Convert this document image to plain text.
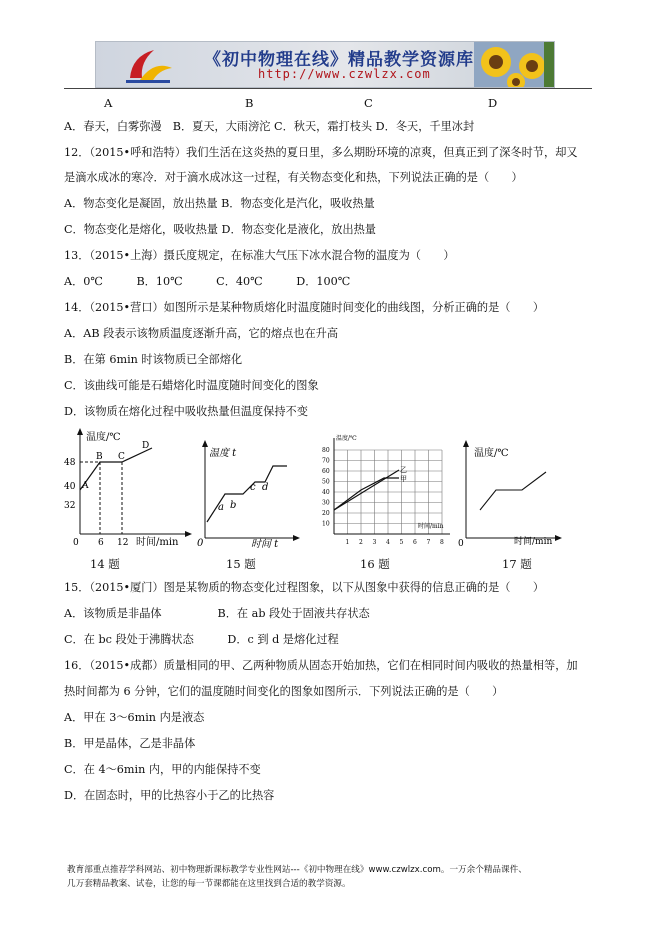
《初中物理在线》精品教学资源库
http://www.czwlzx.com
A	B	C	D
A．春天，白雾弥漫　B．夏天，大雨滂沱 C．秋天，霜打枝头 D．冬天，千里冰封
12．（2015•呼和浩特）我们生活在这炎热的夏日里，多么期盼环境的凉爽，但真正到了深冬时节，却又
是滴水成冰的寒冷．对于滴水成冰这一过程，有关物态变化和热，下列说法正确的是（　　）
A．物态变化是凝固，放出热量 B．物态变化是汽化，吸收热量
C．物态变化是熔化，吸收热量 D．物态变化是液化，放出热量
13．（2015•上海）摄氏度规定，在标准大气压下冰水混合物的温度为（　　）
A．0℃　　　B．10℃　　　C．40℃　　　D．100℃
14．（2015•营口）如图所示是某种物质熔化时温度随时间变化的曲线图，分析正确的是（　　）
A．AB 段表示该物质温度逐渐升高，它的熔点也在升高
B．在第 6min 时该物质已全部熔化
C．该曲线可能是石蜡熔化时温度随时间变化的图象
D．该物质在熔化过程中吸收热量但温度保持不变
温度/℃
时间/min
48
40
32
0 6 12
A
B C
D
温度 t
时间 t
0
a b
c d
温度/℃
时间/min
80
70
60
50
40
30
20
10
1 2 3 4 5 6 7 8
乙
甲
温度/℃
时间/min
0
14 题	15 题	16 题	17 题
15．（2015•厦门）图是某物质的物态变化过程图象，以下从图象中获得的信息正确的是（　　）
A．该物质是非晶体　　　　　B．在 ab 段处于固液共存状态
C．在 bc 段处于沸腾状态　　　D．c 到 d 是熔化过程
16．（2015•成都）质量相同的甲、乙两种物质从固态开始加热，它们在相同时间内吸收的热量相等，加
热时间都为 6 分钟，它们的温度随时间变化的图象如图所示．下列说法正确的是（　　）
A．甲在 3～6min 内是液态
B．甲是晶体，乙是非晶体
C．在 4～6min 内，甲的内能保持不变
D．在固态时，甲的比热容小于乙的比热容
教育部重点推荐学科网站、初中物理新课标教学专业性网站---《初中物理在线》www.czwlzx.com。一万余个精品课件、
几万套精品教案、试卷，让您的每一节课都能在这里找到合适的教学资源。
